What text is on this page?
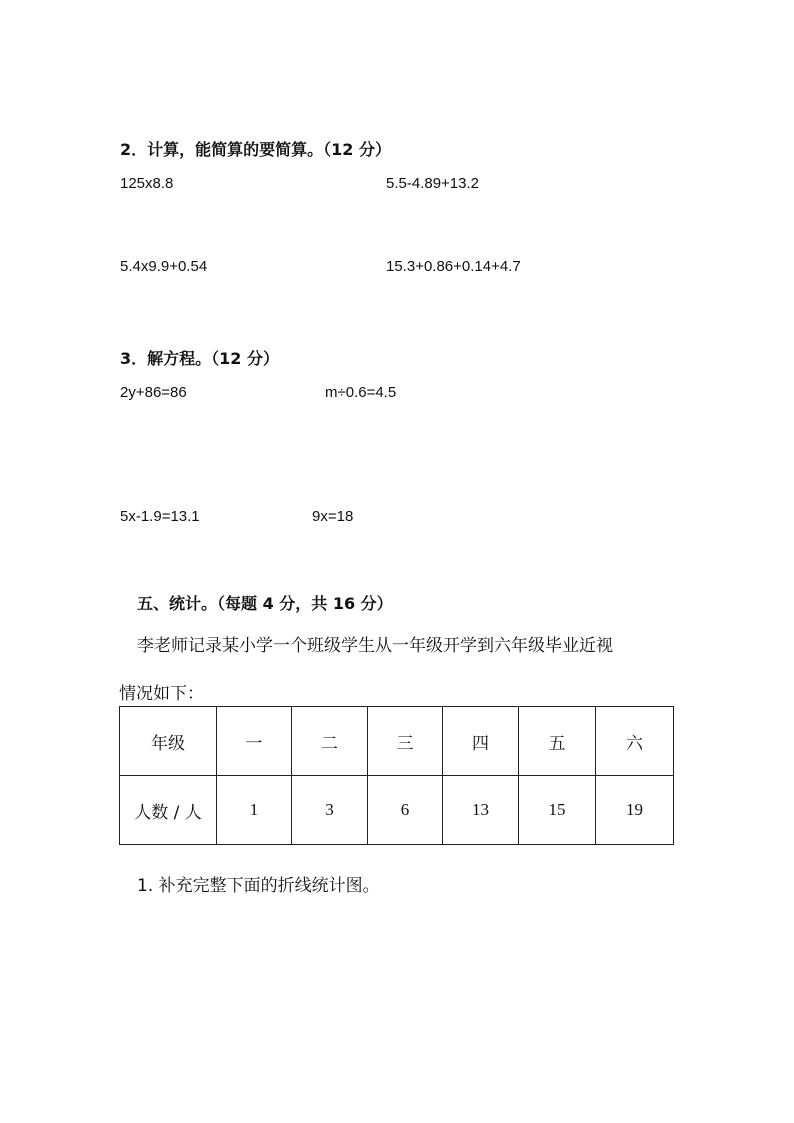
2．计算，能简算的要简算。（12 分）
125x8.8	5.5-4.89+13.2
5.4x9.9+0.54	15.3+0.86+0.14+4.7
3．解方程。（12 分）
2y+86=86	m÷0.6=4.5
5x-1.9=13.1	9x=18
五、统计。（每题 4 分，共 16 分）
李老师记录某小学一个班级学生从一年级开学到六年级毕业近视
情况如下：
年级	一	二	三	四	五	六
人数 / 人	1	3	6	13	15	19
1. 补充完整下面的折线统计图。
